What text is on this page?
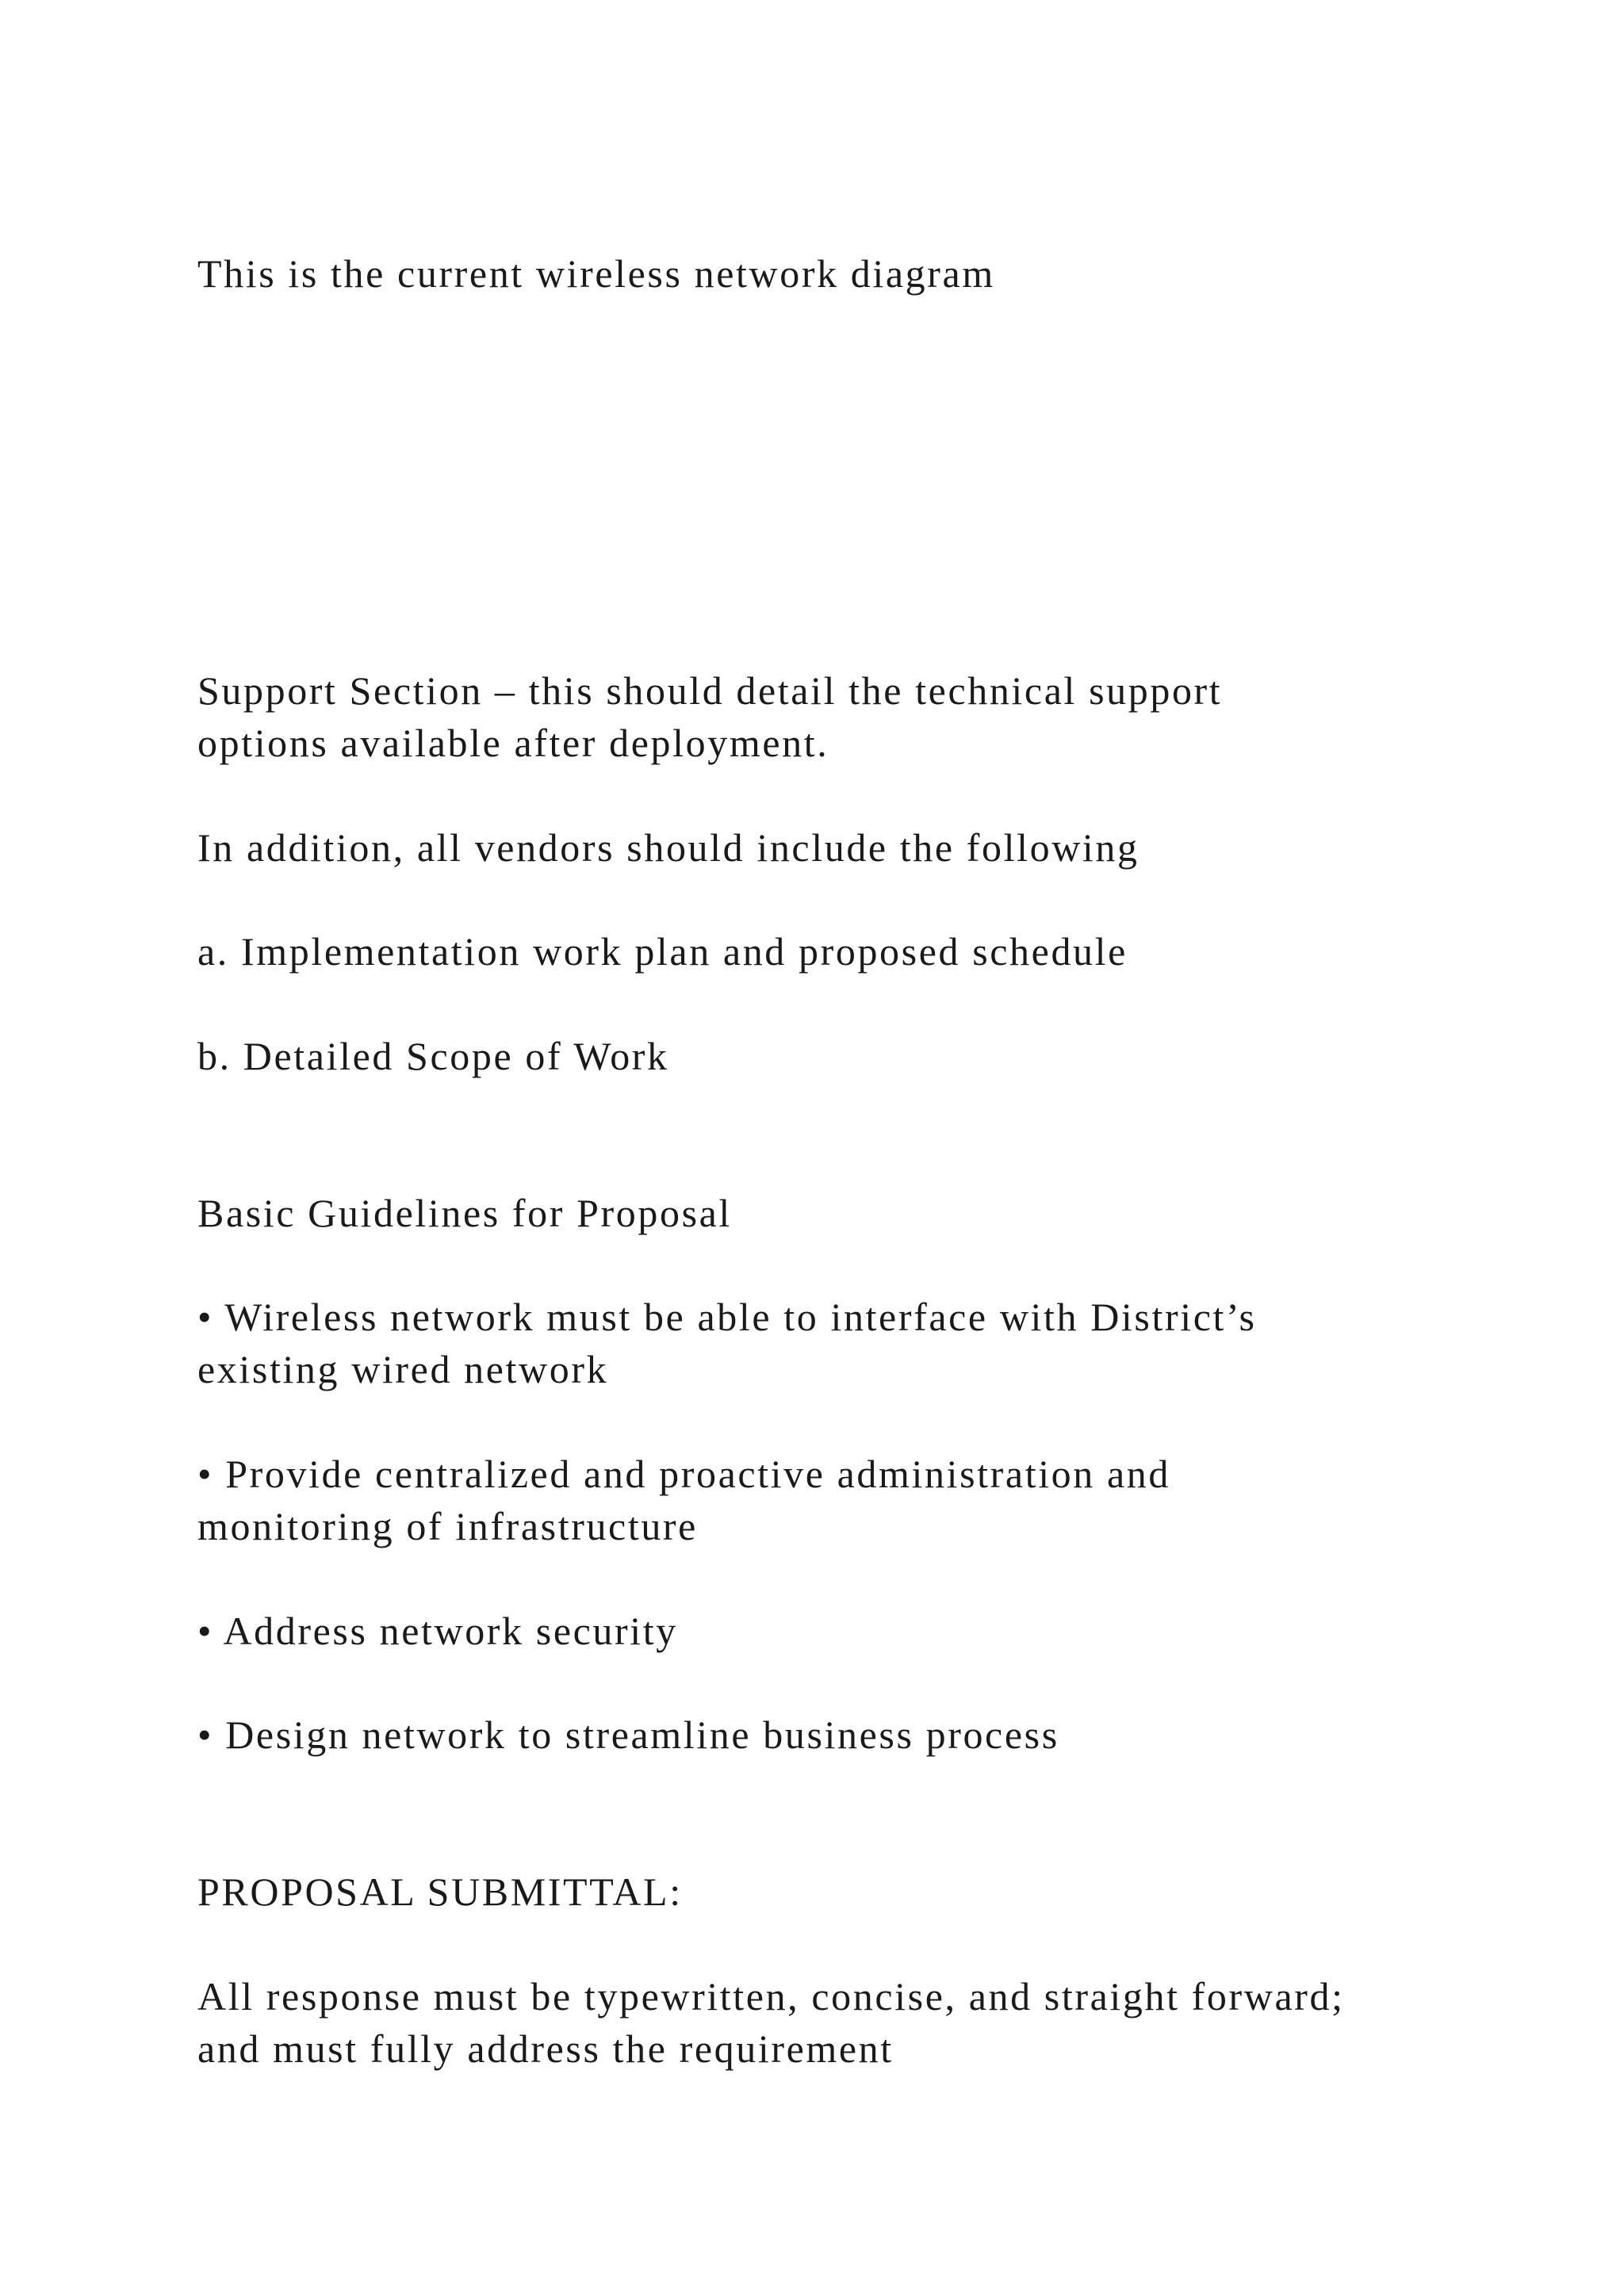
This is the current wireless network diagram

Support Section – this should detail the technical support

options available after deployment.

In addition, all vendors should include the following

a. Implementation work plan and proposed schedule

b. Detailed Scope of Work

Basic Guidelines for Proposal

• Wireless network must be able to interface with District’s

existing wired network

• Provide centralized and proactive administration and

monitoring of infrastructure

• Address network security

• Design network to streamline business process

PROPOSAL SUBMITTAL:

All response must be typewritten, concise, and straight forward;

and must fully address the requirement
